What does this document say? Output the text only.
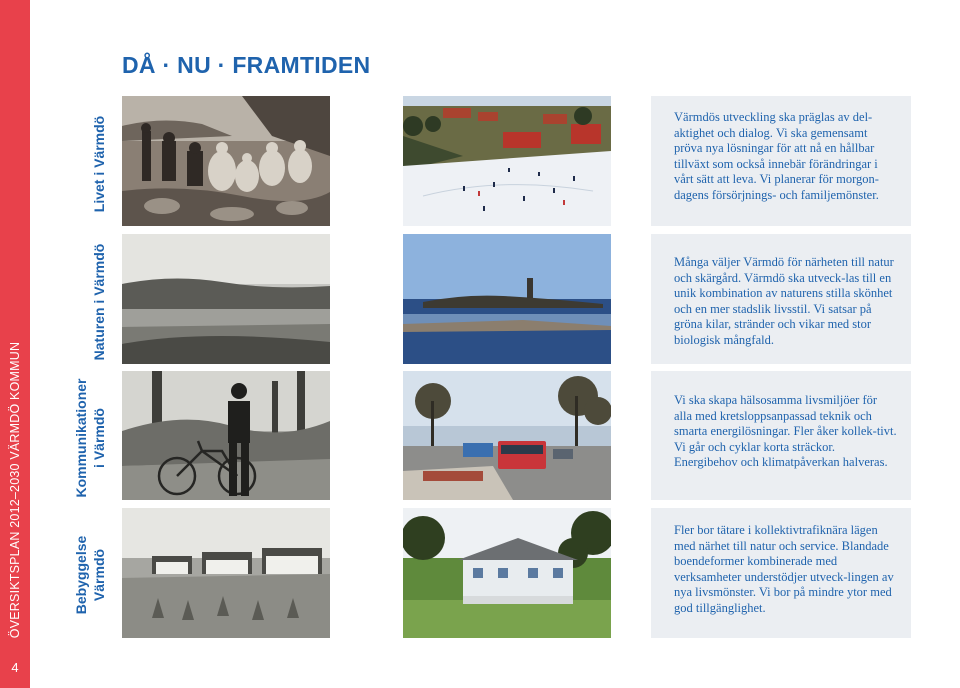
ÖVERSIKTSPLAN 2012–2030 VÄRMDÖ KOMMUN
4
DÅ · NU · FRAMTIDEN
Livet i Värmdö
Naturen i Värmdö
Kommunikationer i Värmdö
Bebyggelse Värmdö

Värmdös utveckling ska präglas av del-aktighet och dialog. Vi ska gemensamt pröva nya lösningar för att nå en hållbar tillväxt som också innebär förändringar i vårt sätt att leva. Vi planerar för morgon-dagens försörjnings- och familjemönster.

Många väljer Värmdö för närheten till natur och skärgård. Värmdö ska utveck-las till en unik kombination av naturens stilla skönhet och en mer stadslik livsstil. Vi satsar på gröna kilar, stränder och vikar med stor biologisk mångfald.

Vi ska skapa hälsosamma livsmiljöer för alla med kretsloppsanpassad teknik och smarta energilösningar. Fler åker kollek-tivt. Vi går och cyklar korta sträckor. Energibehov och klimatpåverkan halveras.

Fler bor tätare i kollektivtrafiknära lägen med närhet till natur och service. Blandade boendeformer kombinerade med verksamheter understödjer utveck-lingen av nya livsmönster. Vi bor på mindre ytor med god tillgänglighet.
